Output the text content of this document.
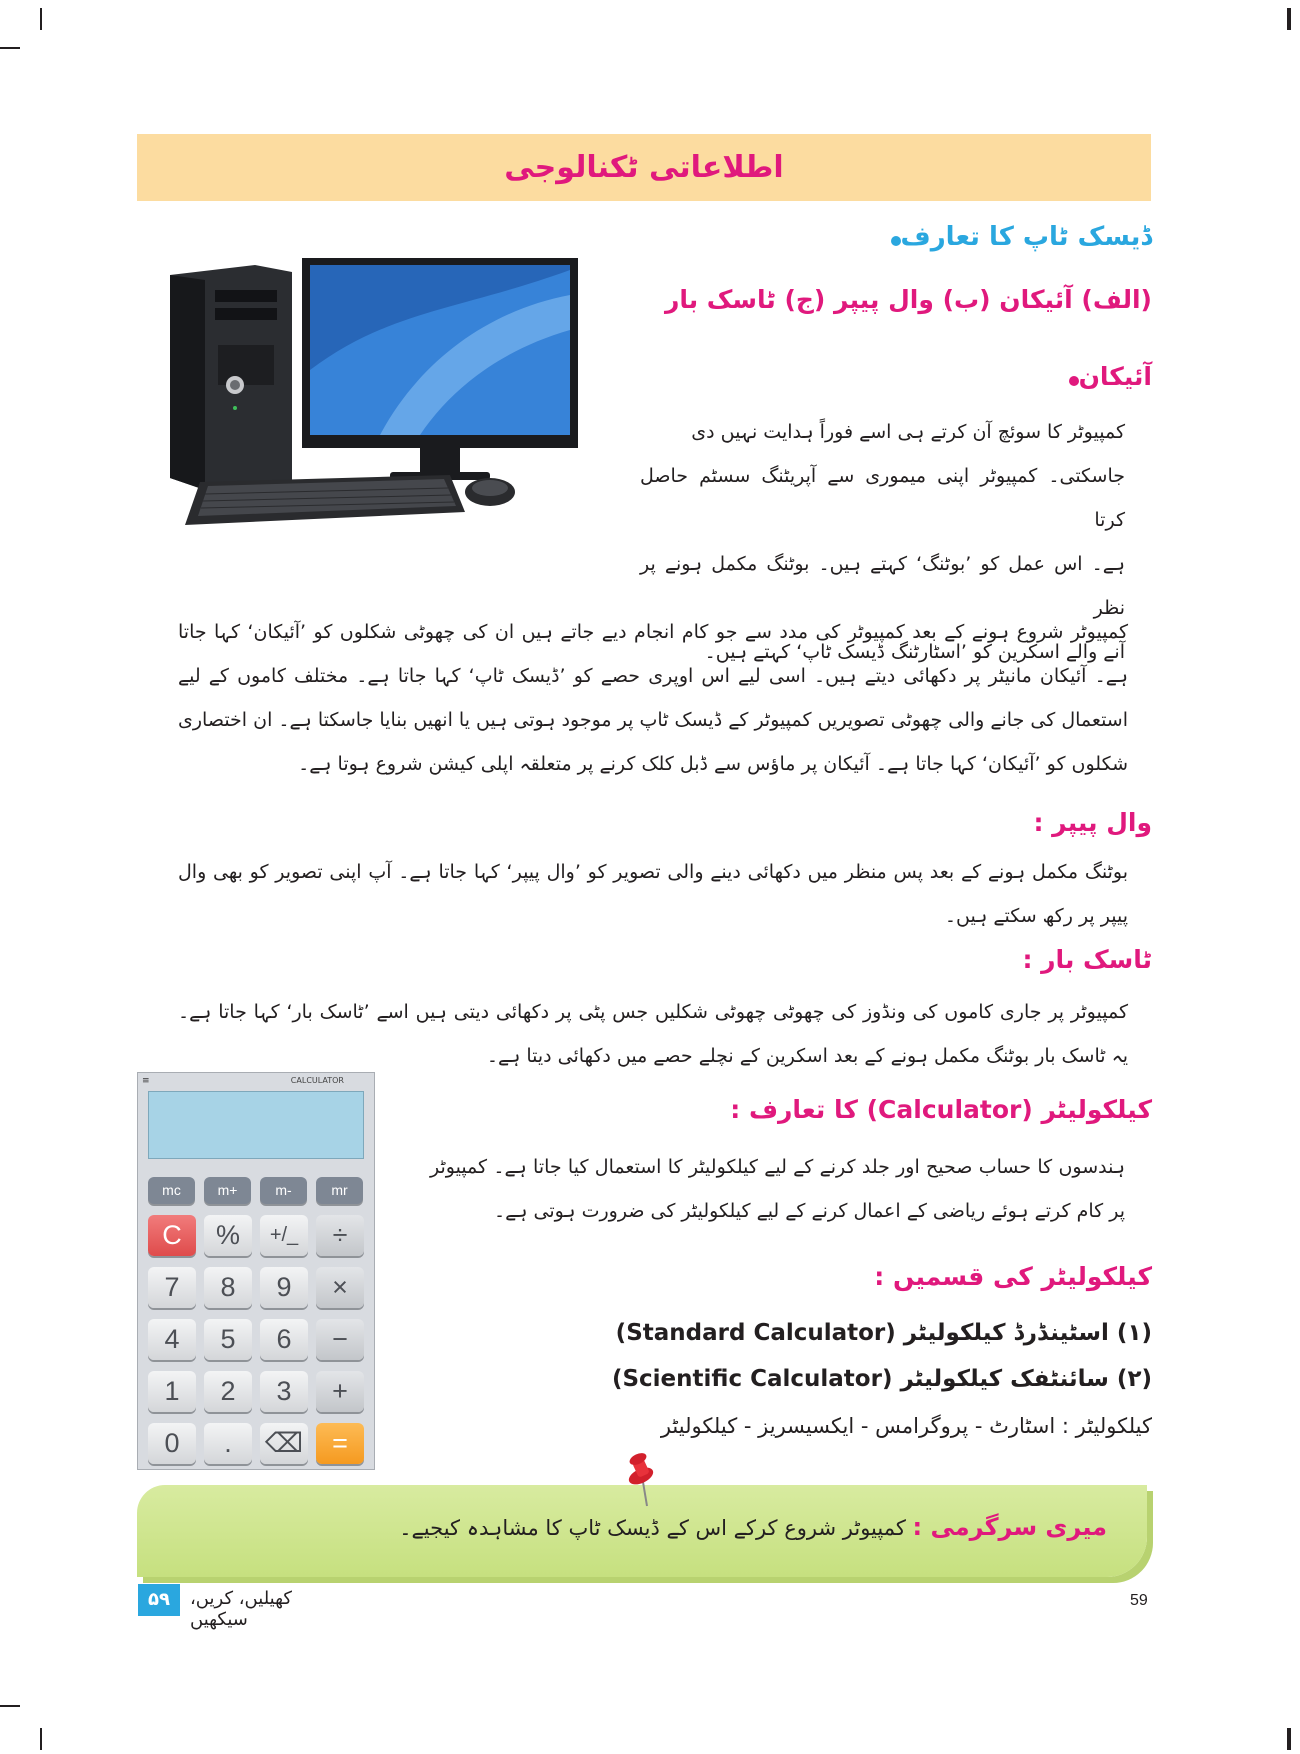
اطلاعاتی ٹکنالوجی
ڈیسک ٹاپ کا تعارف
(الف) آئیکان (ب) وال پیپر (ج) ٹاسک بار
آئیکان
کمپیوٹر کا سوئچ آن کرتے ہی اسے فوراً ہدایت نہیں دی
جاسکتی۔ کمپیوٹر اپنی میموری سے آپریٹنگ سسٹم حاصل کرتا
ہے۔ اس عمل کو ’بوٹنگ‘ کہتے ہیں۔ بوٹنگ مکمل ہونے پر نظر
آنے والے اسکرین کو ’اسٹارٹنگ ڈیسک ٹاپ‘ کہتے ہیں۔
کمپیوٹر شروع ہونے کے بعد کمپیوٹر کی مدد سے جو کام انجام دیے جاتے ہیں ان کی چھوٹی شکلوں کو ’آئیکان‘ کہا جاتا ہے۔ آئیکان مانیٹر پر دکھائی دیتے ہیں۔ اسی لیے اس اوپری حصے کو ’ڈیسک ٹاپ‘ کہا جاتا ہے۔ مختلف کاموں کے لیے استعمال کی جانے والی چھوٹی تصویریں کمپیوٹر کے ڈیسک ٹاپ پر موجود ہوتی ہیں یا انھیں بنایا جاسکتا ہے۔ ان اختصاری شکلوں کو ’آئیکان‘ کہا جاتا ہے۔ آئیکان پر ماؤس سے ڈبل کلک کرنے پر متعلقہ اپلی کیشن شروع ہوتا ہے۔
وال پیپر :
بوٹنگ مکمل ہونے کے بعد پس منظر میں دکھائی دینے والی تصویر کو ’وال پیپر‘ کہا جاتا ہے۔ آپ اپنی تصویر کو بھی وال پیپر پر رکھ سکتے ہیں۔
ٹاسک بار :
کمپیوٹر پر جاری کاموں کی ونڈوز کی چھوٹی چھوٹی شکلیں جس پٹی پر دکھائی دیتی ہیں اسے ’ٹاسک بار‘ کہا جاتا ہے۔ یہ ٹاسک بار بوٹنگ مکمل ہونے کے بعد اسکرین کے نچلے حصے میں دکھائی دیتا ہے۔
≡	CALCULATOR
mc	m+	m-	mr
C	%	+/_	÷
7	8	9	×
4	5	6	−
1	2	3	+
0	.	⌫	=
کیلکولیٹر (Calculator) کا تعارف :
ہندسوں کا حساب صحیح اور جلد کرنے کے لیے کیلکولیٹر کا استعمال کیا جاتا ہے۔ کمپیوٹر پر کام کرتے ہوئے ریاضی کے اعمال کرنے کے لیے کیلکولیٹر کی ضرورت ہوتی ہے۔
کیلکولیٹر کی قسمیں :
(۱) اسٹینڈرڈ کیلکولیٹر (Standard Calculator)
(۲) سائنٹفک کیلکولیٹر (Scientific Calculator)
کیلکولیٹر : اسٹارٹ - پروگرامس - ایکسیسریز - کیلکولیٹر
میری سرگرمی : کمپیوٹر شروع کرکے اس کے ڈیسک ٹاپ کا مشاہدہ کیجیے۔
۵۹	کھیلیں، کریں، سیکھیں
59
